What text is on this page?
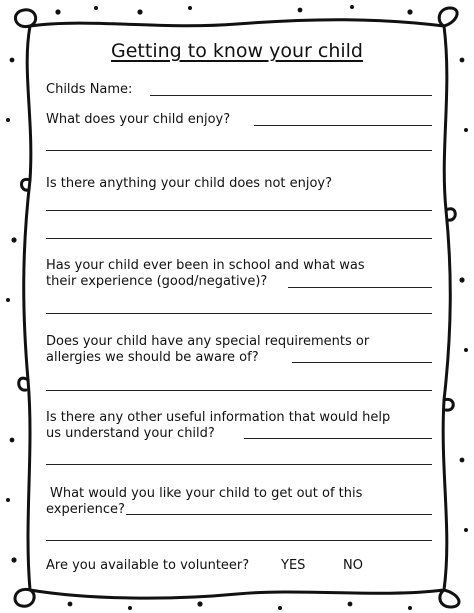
Getting to know your child
Childs Name:
What does your child enjoy?
Is there anything your child does not enjoy?
Has your child ever been in school and what was
their experience (good/negative)?
Does your child have any special requirements or
allergies we should be aware of?
Is there any other useful information that would help
us understand your child?
What would you like your child to get out of this
experience?
Are you available to volunteer? YES	NO
